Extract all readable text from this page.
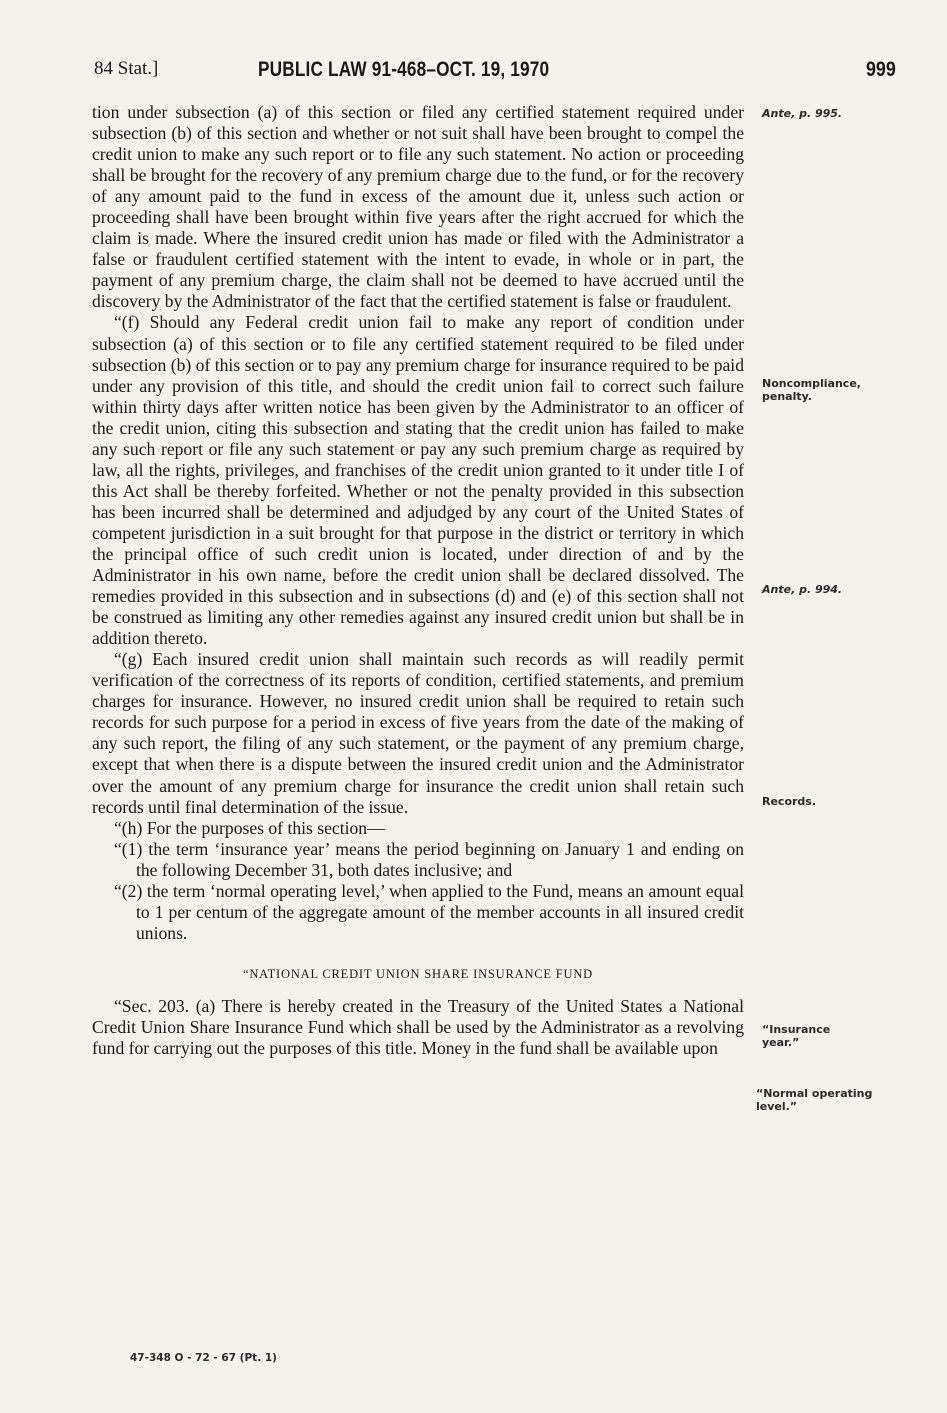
84 Stat.]	PUBLIC LAW 91-468–OCT. 19, 1970	999

tion under subsection (a) of this section or filed any certified statement required under subsection (b) of this section and whether or not suit shall have been brought to compel the credit union to make any such report or to file any such statement. No action or proceeding shall be brought for the recovery of any premium charge due to the fund, or for the recovery of any amount paid to the fund in excess of the amount due it, unless such action or proceeding shall have been brought within five years after the right accrued for which the claim is made. Where the insured credit union has made or filed with the Administrator a false or fraudulent certified statement with the intent to evade, in whole or in part, the payment of any premium charge, the claim shall not be deemed to have accrued until the discovery by the Administrator of the fact that the certified statement is false or fraudulent.

“(f) Should any Federal credit union fail to make any report of condition under subsection (a) of this section or to file any certified statement required to be filed under subsection (b) of this section or to pay any premium charge for insurance required to be paid under any provision of this title, and should the credit union fail to correct such failure within thirty days after written notice has been given by the Administrator to an officer of the credit union, citing this subsection and stating that the credit union has failed to make any such report or file any such statement or pay any such premium charge as required by law, all the rights, privileges, and franchises of the credit union granted to it under title I of this Act shall be thereby forfeited. Whether or not the penalty provided in this subsection has been incurred shall be determined and adjudged by any court of the United States of competent jurisdiction in a suit brought for that purpose in the district or territory in which the principal office of such credit union is located, under direction of and by the Administrator in his own name, before the credit union shall be declared dissolved. The remedies provided in this subsection and in subsections (d) and (e) of this section shall not be construed as limiting any other remedies against any insured credit union but shall be in addition thereto.

“(g) Each insured credit union shall maintain such records as will readily permit verification of the correctness of its reports of condition, certified statements, and premium charges for insurance. However, no insured credit union shall be required to retain such records for such purpose for a period in excess of five years from the date of the making of any such report, the filing of any such statement, or the payment of any premium charge, except that when there is a dispute between the insured credit union and the Administrator over the amount of any premium charge for insurance the credit union shall retain such records until final determination of the issue.

“(h) For the purposes of this section—

“(1) the term ‘insurance year’ means the period beginning on January 1 and ending on the following December 31, both dates inclusive; and

“(2) the term ‘normal operating level,’ when applied to the Fund, means an amount equal to 1 per centum of the aggregate amount of the member accounts in all insured credit unions.

“NATIONAL CREDIT UNION SHARE INSURANCE FUND

“Sec. 203. (a) There is hereby created in the Treasury of the United States a National Credit Union Share Insurance Fund which shall be used by the Administrator as a revolving fund for carrying out the purposes of this title. Money in the fund shall be available upon

Ante, p. 995.
Noncompliance, penalty.
Ante, p. 994.
Records.
“Insurance year.”
“Normal operating level.”
47-348 O - 72 - 67 (Pt. 1)
